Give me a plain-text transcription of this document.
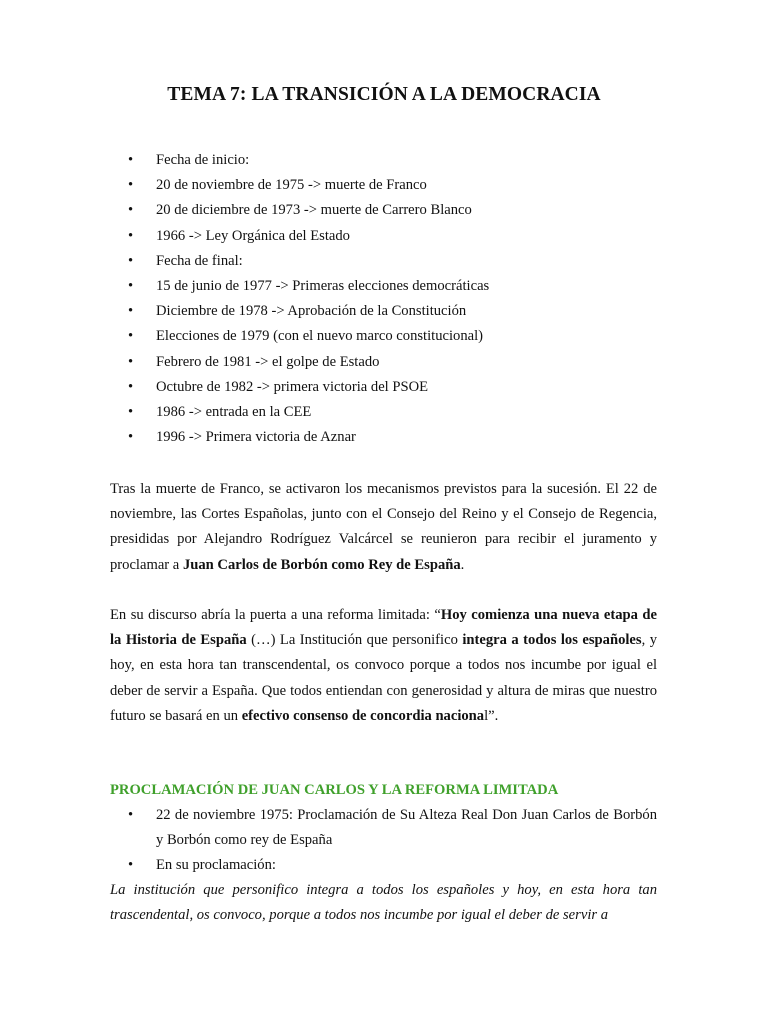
TEMA 7: LA TRANSICIÓN A LA DEMOCRACIA
• Fecha de inicio:
• 20 de noviembre de 1975 -> muerte de Franco
• 20 de diciembre de 1973 -> muerte de Carrero Blanco
• 1966 -> Ley Orgánica del Estado
• Fecha de final:
• 15 de junio de 1977 -> Primeras elecciones democráticas
• Diciembre de 1978 -> Aprobación de la Constitución
• Elecciones de 1979 (con el nuevo marco constitucional)
• Febrero de 1981 -> el golpe de Estado
• Octubre de 1982 -> primera victoria del PSOE
• 1986 -> entrada en la CEE
• 1996 -> Primera victoria de Aznar

Tras la muerte de Franco, se activaron los mecanismos previstos para la sucesión. El 22 de noviembre, las Cortes Españolas, junto con el Consejo del Reino y el Consejo de Regencia, presididas por Alejandro Rodríguez Valcárcel se reunieron para recibir el juramento y proclamar a Juan Carlos de Borbón como Rey de España.

En su discurso abría la puerta a una reforma limitada: “Hoy comienza una nueva etapa de la Historia de España (…) La Institución que personifico integra a todos los españoles, y hoy, en esta hora tan transcendental, os convoco porque a todos nos incumbe por igual el deber de servir a España. Que todos entiendan con generosidad y altura de miras que nuestro futuro se basará en un efectivo consenso de concordia nacional”.

PROCLAMACIÓN DE JUAN CARLOS Y LA REFORMA LIMITADA
• 22 de noviembre 1975: Proclamación de Su Alteza Real Don Juan Carlos de Borbón y Borbón como rey de España
• En su proclamación:

La institución que personifico integra a todos los españoles y hoy, en esta hora tan trascendental, os convoco, porque a todos nos incumbe por igual el deber de servir a
